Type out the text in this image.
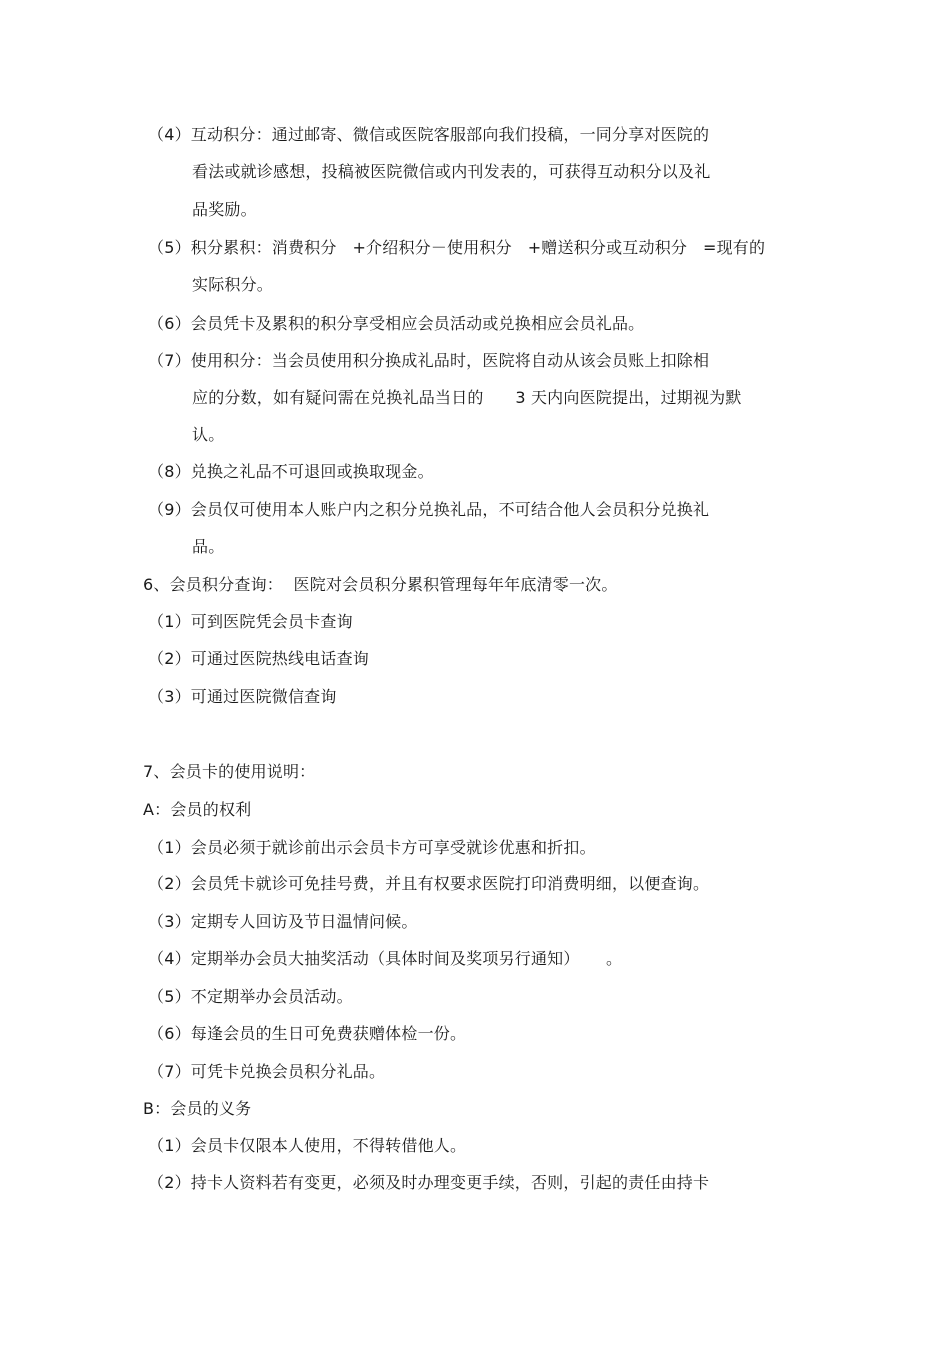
（4）互动积分：通过邮寄、微信或医院客服部向我们投稿，一同分享对医院的
看法或就诊感想，投稿被医院微信或内刊发表的，可获得互动积分以及礼
品奖励。
（5）积分累积：消费积分   +介绍积分－使用积分   +赠送积分或互动积分   =现有的
实际积分。
（6）会员凭卡及累积的积分享受相应会员活动或兑换相应会员礼品。
（7）使用积分：当会员使用积分换成礼品时，医院将自动从该会员账上扣除相
应的分数，如有疑问需在兑换礼品当日的      3 天内向医院提出，过期视为默
认。
（8）兑换之礼品不可退回或换取现金。
（9）会员仅可使用本人账户内之积分兑换礼品，不可结合他人会员积分兑换礼
品。
6、会员积分查询：  医院对会员积分累积管理每年年底清零一次。
（1）可到医院凭会员卡查询
（2）可通过医院热线电话查询
（3）可通过医院微信查询
7、会员卡的使用说明：
A：会员的权利
（1）会员必须于就诊前出示会员卡方可享受就诊优惠和折扣。
（2）会员凭卡就诊可免挂号费，并且有权要求医院打印消费明细，以便查询。
（3）定期专人回访及节日温情问候。
（4）定期举办会员大抽奖活动（具体时间及奖项另行通知）     。
（5）不定期举办会员活动。
（6）每逢会员的生日可免费获赠体检一份。
（7）可凭卡兑换会员积分礼品。
B：会员的义务
（1）会员卡仅限本人使用，不得转借他人。
（2）持卡人资料若有变更，必须及时办理变更手续，否则，引起的责任由持卡
